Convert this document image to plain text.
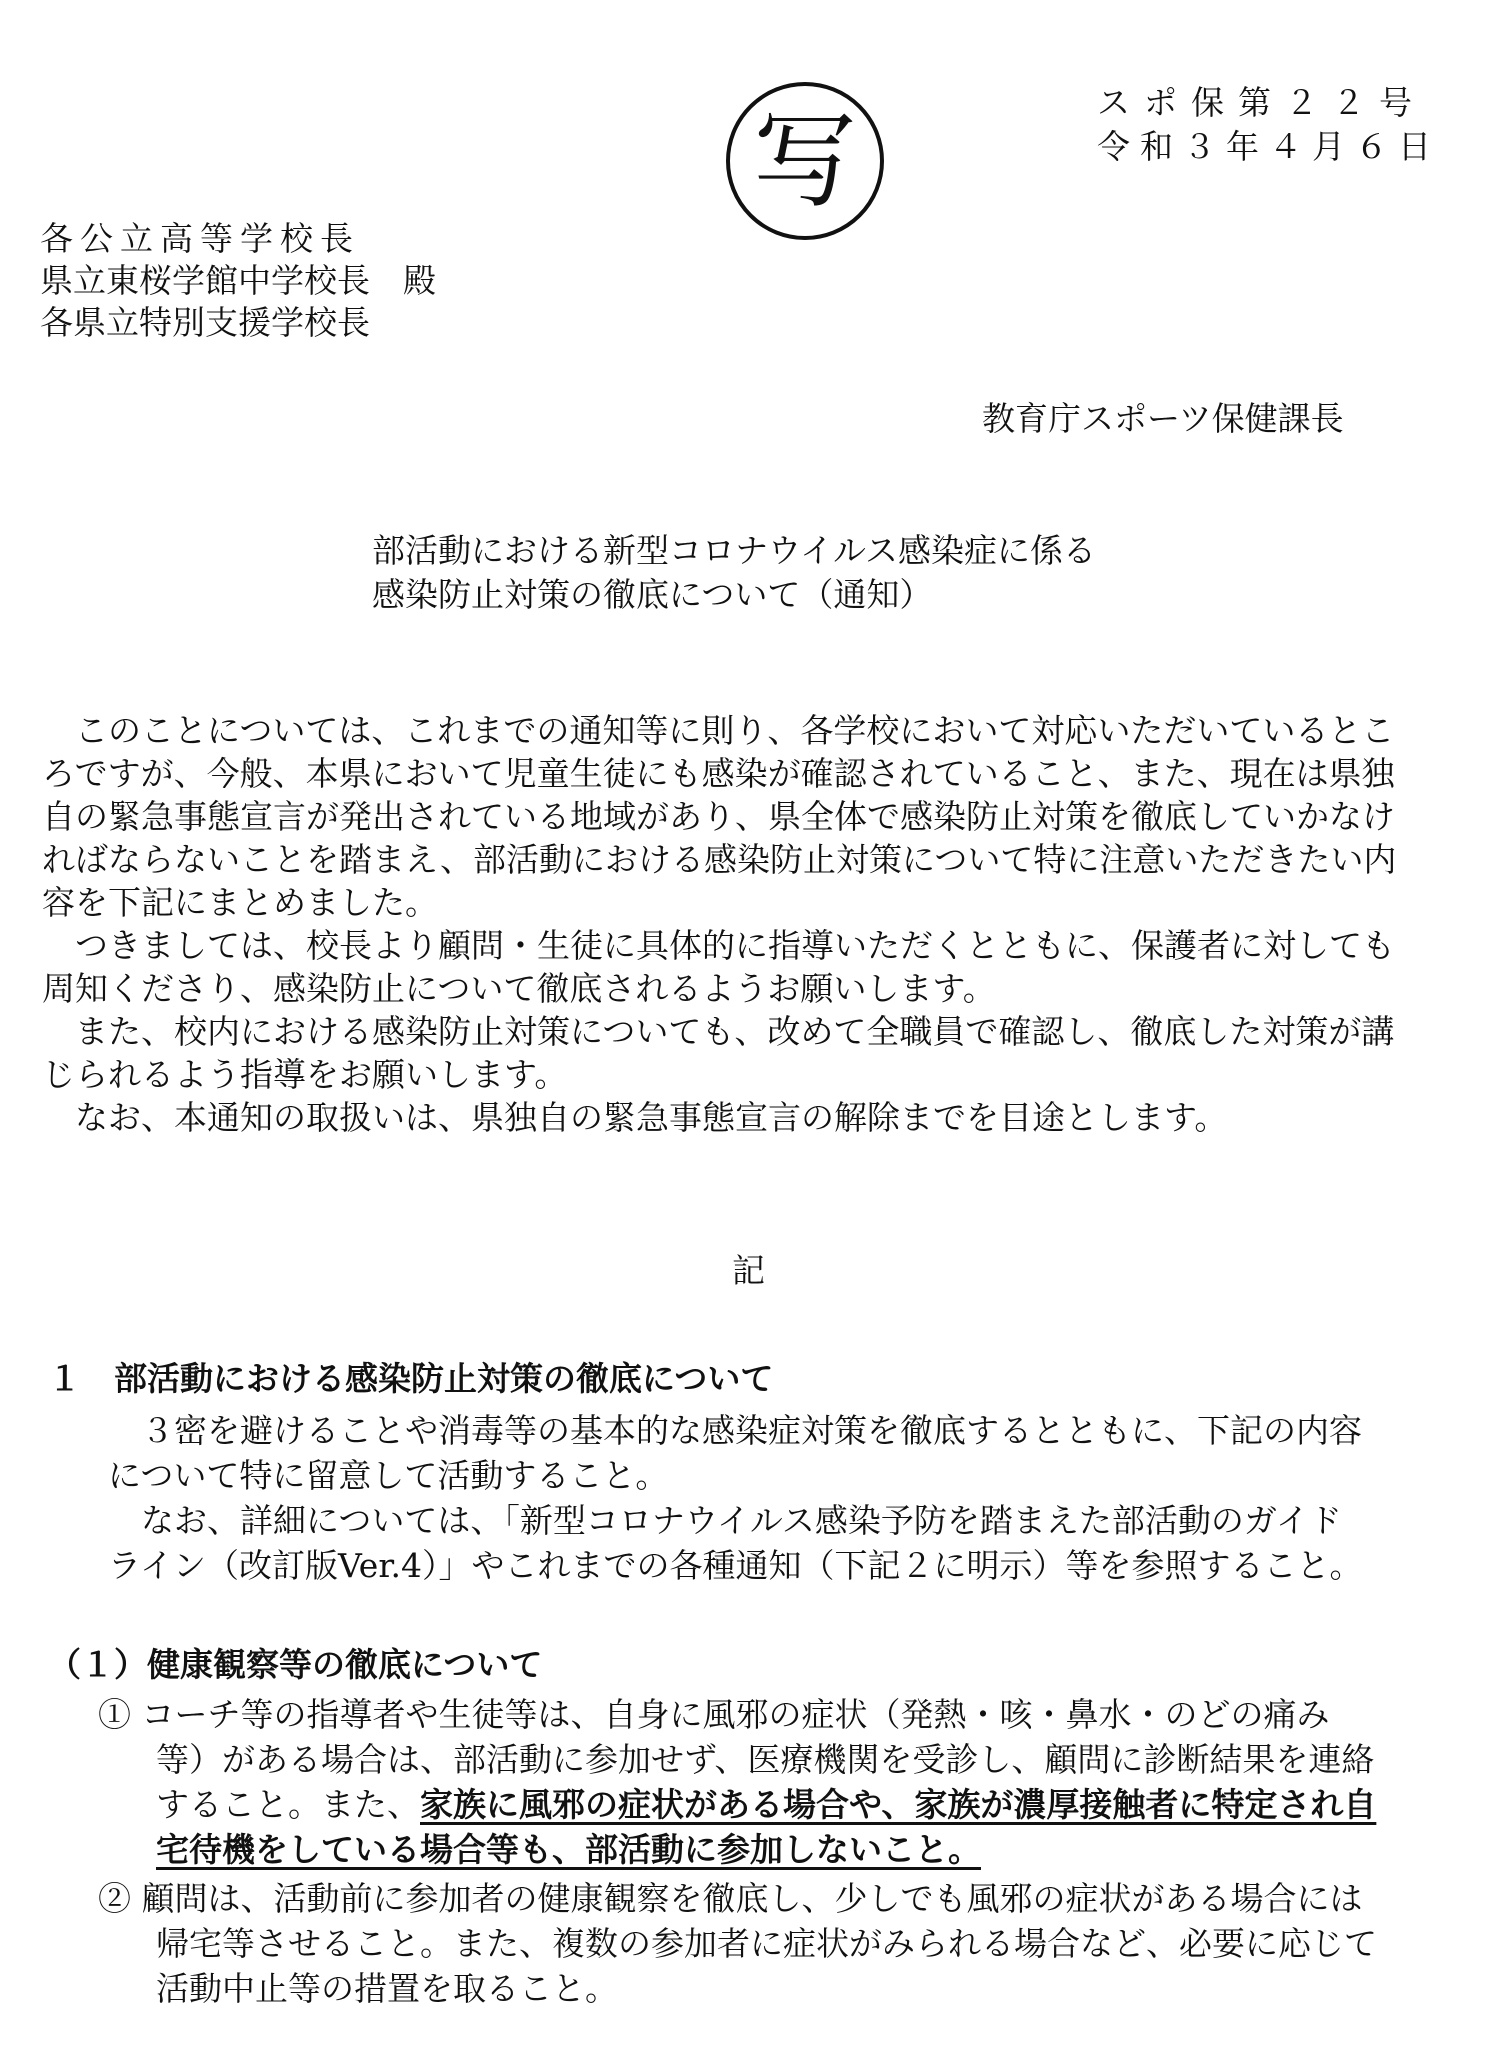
写	スポ保第２２号
令和３年４月６日
各公立高等学校長
県立東桜学館中学校長　殿
各県立特別支援学校長
教育庁スポーツ保健課長
部活動における新型コロナウイルス感染症に係る
感染防止対策の徹底について（通知）
　このことについては、これまでの通知等に則り、各学校において対応いただいているとこ
ろですが、今般、本県において児童生徒にも感染が確認されていること、また、現在は県独
自の緊急事態宣言が発出されている地域があり、県全体で感染防止対策を徹底していかなけ
ればならないことを踏まえ、部活動における感染防止対策について特に注意いただきたい内
容を下記にまとめました。
　つきましては、校長より顧問・生徒に具体的に指導いただくとともに、保護者に対しても
周知くださり、感染防止について徹底されるようお願いします。
　また、校内における感染防止対策についても、改めて全職員で確認し、徹底した対策が講
じられるよう指導をお願いします。
　なお、本通知の取扱いは、県独自の緊急事態宣言の解除までを目途とします。
記
１　部活動における感染防止対策の徹底について
　３密を避けることや消毒等の基本的な感染症対策を徹底するとともに、下記の内容
について特に留意して活動すること。
　なお、詳細については、「新型コロナウイルス感染予防を踏まえた部活動のガイド
ライン（改訂版Ver.4）」やこれまでの各種通知（下記２に明示）等を参照すること。
（１）健康観察等の徹底について
① コーチ等の指導者や生徒等は、自身に風邪の症状（発熱・咳・鼻水・のどの痛み
等）がある場合は、部活動に参加せず、医療機関を受診し、顧問に診断結果を連絡
すること。また、家族に風邪の症状がある場合や、家族が濃厚接触者に特定され自
宅待機をしている場合等も、部活動に参加しないこと。
② 顧問は、活動前に参加者の健康観察を徹底し、少しでも風邪の症状がある場合には
帰宅等させること。また、複数の参加者に症状がみられる場合など、必要に応じて
活動中止等の措置を取ること。
